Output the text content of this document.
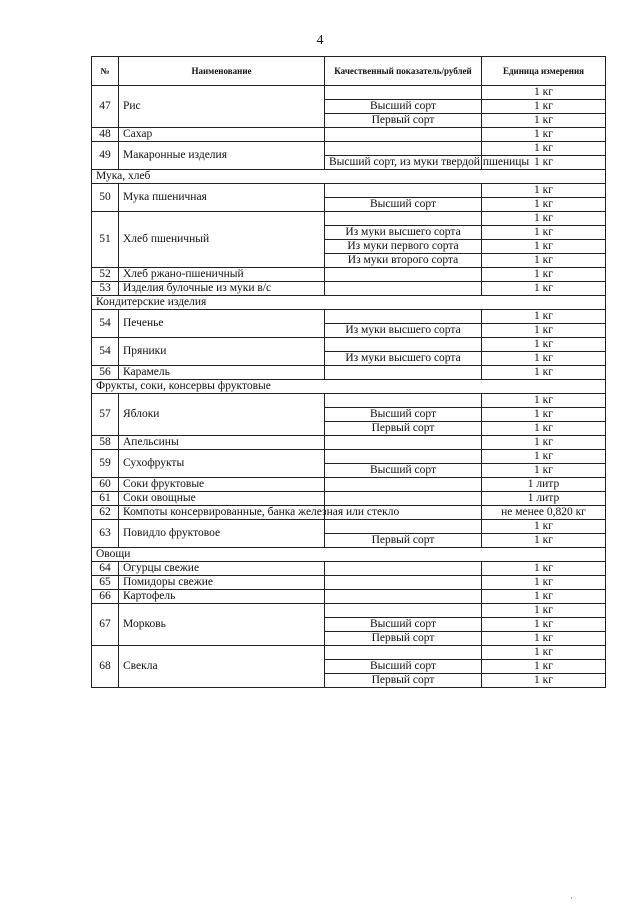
4
№	Наименование	Качественный показатель/рублей	Единица измерения
47	Рис		1 кг
		Высший сорт	1 кг
		Первый сорт	1 кг
48	Сахар		1 кг
49	Макаронные изделия		1 кг
		Высший сорт, из муки твердой пшеницы	1 кг
Мука, хлеб			
50	Мука пшеничная		1 кг
		Высший сорт	1 кг
51	Хлеб пшеничный		1 кг
		Из муки высшего сорта	1 кг
		Из муки первого сорта	1 кг
		Из муки второго сорта	1 кг
52	Хлеб ржано-пшеничный		1 кг
53	Изделия булочные из муки в/с		1 кг
Кондитерские изделия			
54	Печенье		1 кг
		Из муки высшего сорта	1 кг
54	Пряники		1 кг
		Из муки высшего сорта	1 кг
56	Карамель		1 кг
Фрукты, соки, консервы фруктовые			
57	Яблоки		1 кг
		Высший сорт	1 кг
		Первый сорт	1 кг
58	Апельсины		1 кг
59	Сухофрукты		1 кг
		Высший сорт	1 кг
60	Соки фруктовые		1 литр
61	Соки овощные		1 литр
62	Компоты консервированные, банка железная или стекло		не менее 0,820 кг
63	Повидло фруктовое		1 кг
		Первый сорт	1 кг
Овощи			
64	Огурцы свежие		1 кг
65	Помидоры свежие		1 кг
66	Картофель		1 кг
67	Морковь		1 кг
		Высший сорт	1 кг
		Первый сорт	1 кг
68	Свекла		1 кг
		Высший сорт	1 кг
		Первый сорт	1 кг
·
